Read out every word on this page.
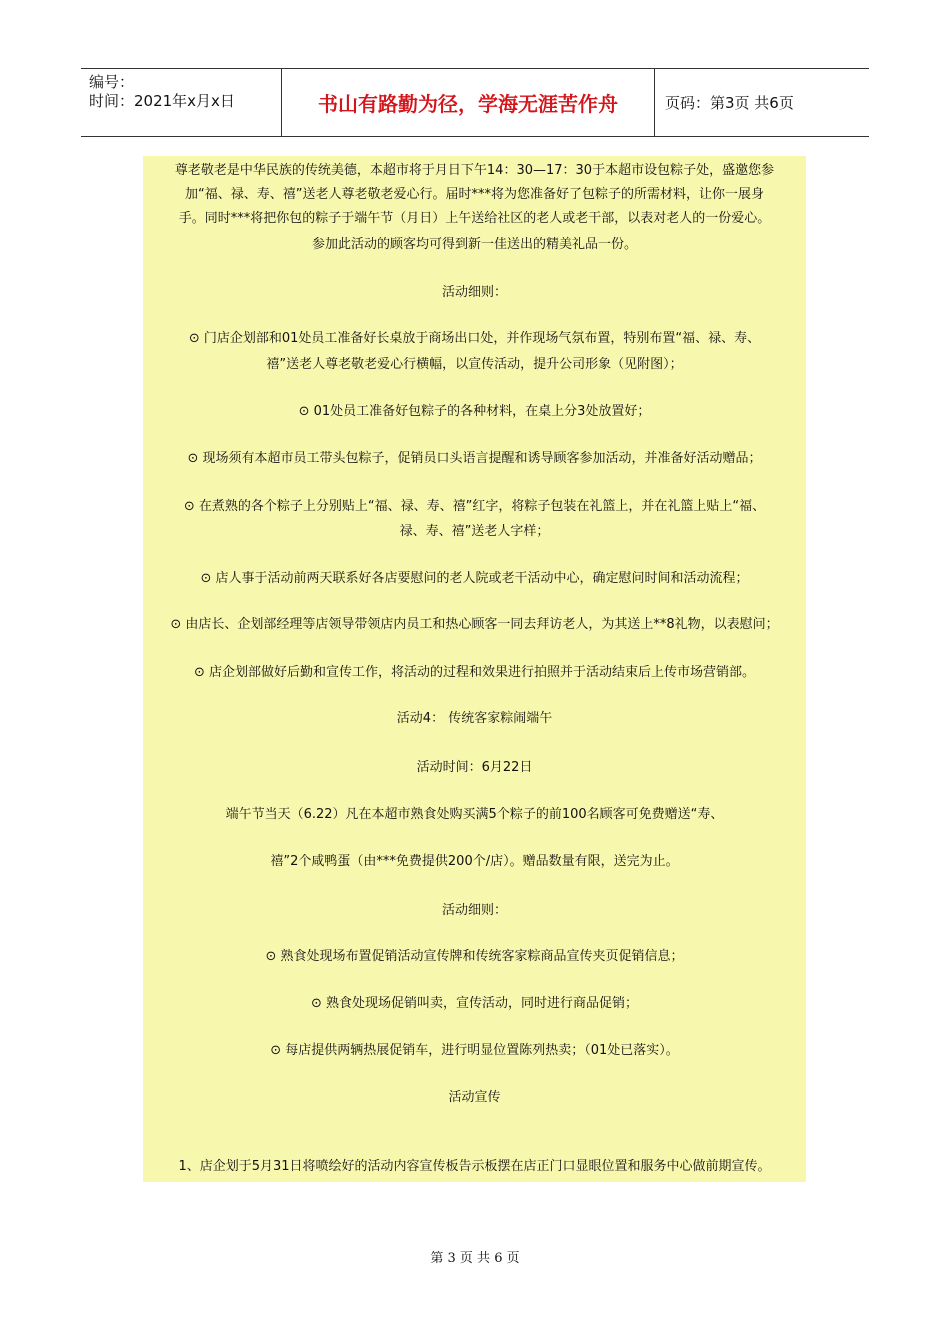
编号：
时间：2021年x月x日	书山有路勤为径，学海无涯苦作舟	页码：第3页 共6页

尊老敬老是中华民族的传统美德，本超市将于月日下午14：30—17：30于本超市设包粽子处，盛邀您参

加“福、禄、寿、禧”送老人尊老敬老爱心行。届时***将为您准备好了包粽子的所需材料，让你一展身

手。同时***将把你包的粽子于端午节（月日）上午送给社区的老人或老干部，以表对老人的一份爱心。

参加此活动的顾客均可得到新一佳送出的精美礼品一份。

活动细则：

⊙ 门店企划部和01处员工准备好长桌放于商场出口处，并作现场气氛布置，特别布置“福、禄、寿、

禧”送老人尊老敬老爱心行横幅，以宣传活动，提升公司形象（见附图）；

⊙ 01处员工准备好包粽子的各种材料，在桌上分3处放置好；

⊙ 现场须有本超市员工带头包粽子，促销员口头语言提醒和诱导顾客参加活动，并准备好活动赠品；

⊙ 在煮熟的各个粽子上分别贴上“福、禄、寿、禧”红字，将粽子包装在礼篮上，并在礼篮上贴上“福、

禄、寿、禧”送老人字样；

⊙ 店人事于活动前两天联系好各店要慰问的老人院或老干活动中心，确定慰问时间和活动流程；

⊙ 由店长、企划部经理等店领导带领店内员工和热心顾客一同去拜访老人，为其送上**8礼物，以表慰问；

⊙ 店企划部做好后勤和宣传工作，将活动的过程和效果进行拍照并于活动结束后上传市场营销部。

活动4： 传统客家粽闹端午

活动时间：6月22日

端午节当天（6.22）凡在本超市熟食处购买满5个粽子的前100名顾客可免费赠送“寿、

禧”2个咸鸭蛋（由***免费提供200个/店）。赠品数量有限，送完为止。

活动细则：

⊙ 熟食处现场布置促销活动宣传牌和传统客家粽商品宣传夹页促销信息；

⊙ 熟食处现场促销叫卖，宣传活动，同时进行商品促销；

⊙ 每店提供两辆热展促销车，进行明显位置陈列热卖；（01处已落实）。

活动宣传

1、店企划于5月31日将喷绘好的活动内容宣传板告示板摆在店正门口显眼位置和服务中心做前期宣传。

第 3 页 共 6 页
